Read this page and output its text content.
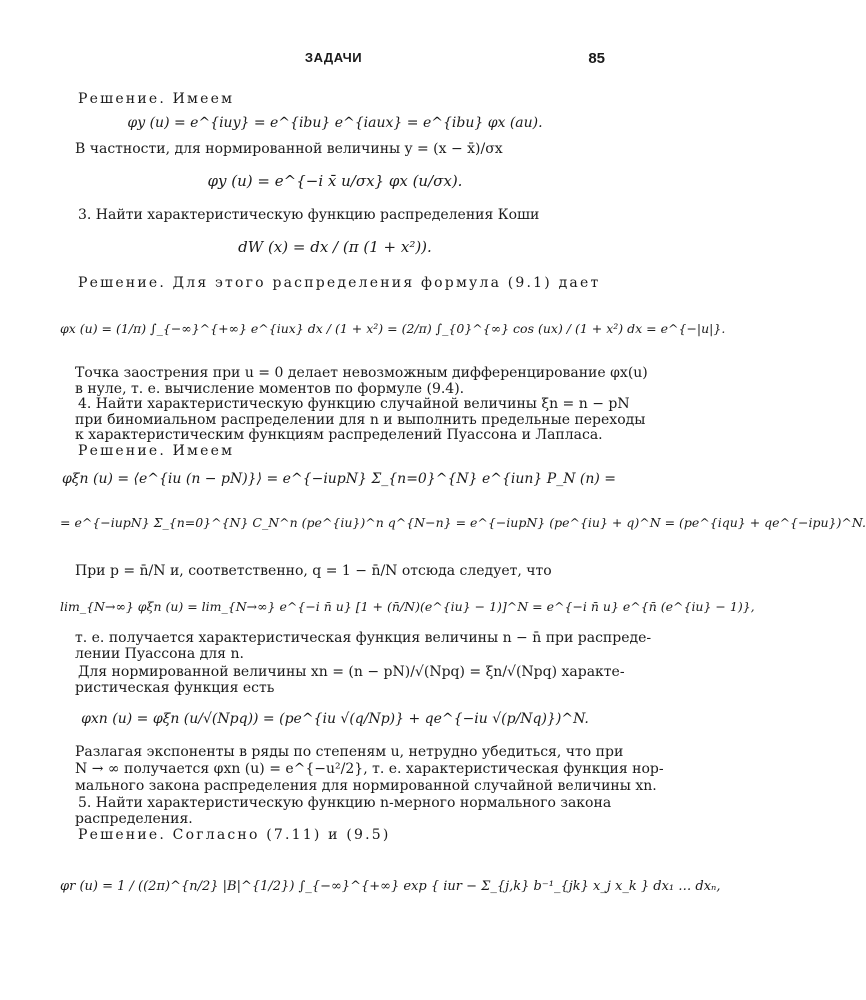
ЗАДАЧИ	85
Решение. Имеем
φy (u) = e^{iuy} = e^{ibu} e^{iaux} = e^{ibu} φx (au).
В частности, для нормированной величины y = (x − x̄)/σx
φy (u) = e^{−i x̄ u/σx} φx (u/σx).
3. Найти характеристическую функцию распределения Коши
dW (x) = dx / (π (1 + x²)).
Решение. Для этого распределения формула (9.1) дает
φx (u) = (1/π) ∫_{−∞}^{+∞} e^{iux} dx / (1 + x²) = (2/π) ∫_{0}^{∞} cos (ux) / (1 + x²) dx = e^{−|u|}.
Точка заострения при u = 0 делает невозможным дифференцирование φx(u)
в нуле, т. е. вычисление моментов по формуле (9.4).
4. Найти характеристическую функцию случайной величины ξn = n − pN
при биномиальном распределении для n и выполнить предельные переходы
к характеристическим функциям распределений Пуассона и Лапласа.
Решение. Имеем
φξn (u) = ⟨e^{iu (n − pN)}⟩ = e^{−iupN} Σ_{n=0}^{N} e^{iun} P_N (n) =
= e^{−iupN} Σ_{n=0}^{N} C_N^n (pe^{iu})^n q^{N−n} = e^{−iupN} (pe^{iu} + q)^N = (pe^{iqu} + qe^{−ipu})^N.
При p = n̄/N и, соответственно, q = 1 − n̄/N отсюда следует, что
lim_{N→∞} φξn (u) = lim_{N→∞} e^{−i n̄ u} [1 + (n̄/N)(e^{iu} − 1)]^N = e^{−i n̄ u} e^{n̄ (e^{iu} − 1)},
т. е. получается характеристическая функция величины n − n̄ при распреде-
лении Пуассона для n.
Для нормированной величины xn = (n − pN)/√(Npq) = ξn/√(Npq) характе-
ристическая функция есть
φxn (u) = φξn (u/√(Npq)) = (pe^{iu √(q/Np)} + qe^{−iu √(p/Nq)})^N.
Разлагая экспоненты в ряды по степеням u, нетрудно убедиться, что при
N → ∞ получается φxn (u) = e^{−u²/2}, т. е. характеристическая функция нор-
мального закона распределения для нормированной случайной величины xn.
5. Найти характеристическую функцию n-мерного нормального закона
распределения.
Решение. Согласно (7.11) и (9.5)
φr (u) = 1 / ((2π)^{n/2} |B|^{1/2}) ∫_{−∞}^{+∞} exp { iur − Σ_{j,k} b⁻¹_{jk} x_j x_k } dx₁ … dxₙ,
